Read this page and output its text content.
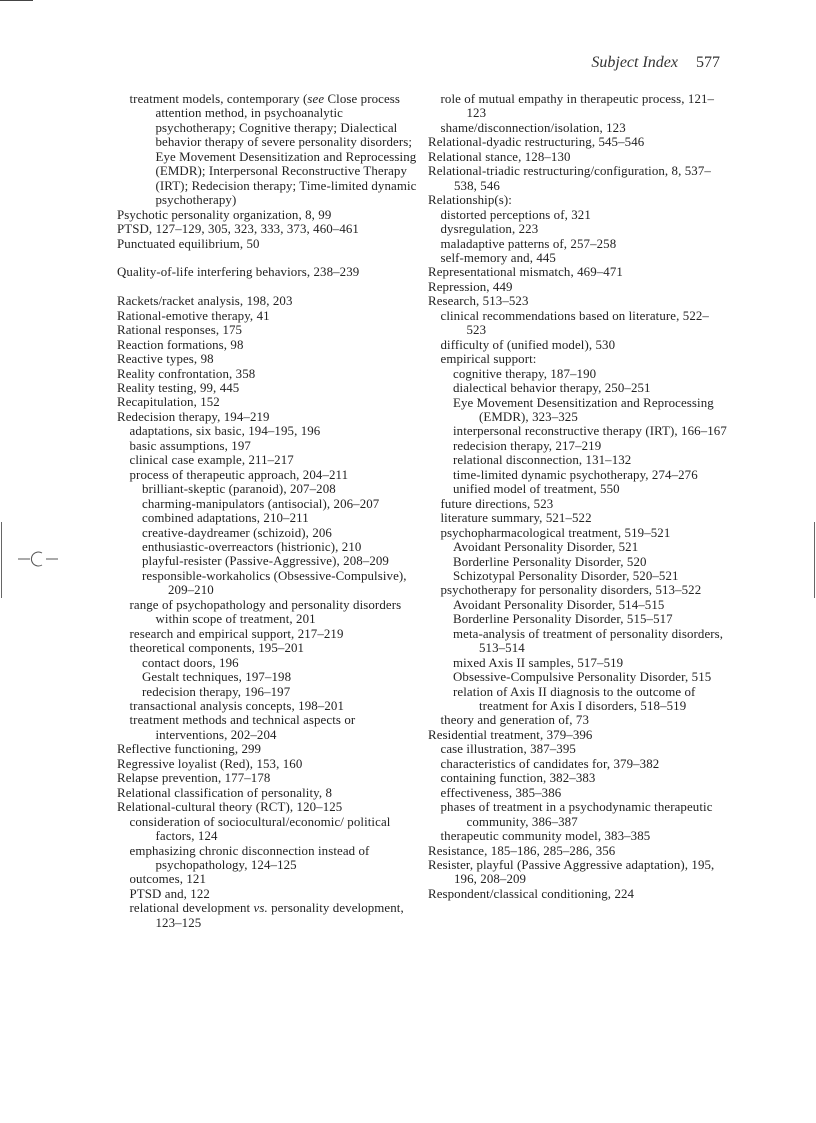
Subject Index 577

treatment models, contemporary (see Close process attention method, in psychoanalytic psychotherapy; Cognitive therapy; Dialectical behavior therapy of severe personality disorders; Eye Movement Desensitization and Reprocessing (EMDR); Interpersonal Reconstructive Therapy (IRT); Redecision therapy; Time-limited dynamic psychotherapy)

Psychotic personality organization, 8, 99

PTSD, 127–129, 305, 323, 333, 373, 460–461

Punctuated equilibrium, 50

Quality-of-life interfering behaviors, 238–239

Rackets/racket analysis, 198, 203

Rational-emotive therapy, 41

Rational responses, 175

Reaction formations, 98

Reactive types, 98

Reality confrontation, 358

Reality testing, 99, 445

Recapitulation, 152

Redecision therapy, 194–219

adaptations, six basic, 194–195, 196

basic assumptions, 197

clinical case example, 211–217

process of therapeutic approach, 204–211

brilliant-skeptic (paranoid), 207–208

charming-manipulators (antisocial), 206–207

combined adaptations, 210–211

creative-daydreamer (schizoid), 206

enthusiastic-overreactors (histrionic), 210

playful-resister (Passive-Aggressive), 208–209

responsible-workaholics (Obsessive-Compulsive), 209–210

range of psychopathology and personality disorders within scope of treatment, 201

research and empirical support, 217–219

theoretical components, 195–201

contact doors, 196

Gestalt techniques, 197–198

redecision therapy, 196–197

transactional analysis concepts, 198–201

treatment methods and technical aspects or interventions, 202–204

Reflective functioning, 299

Regressive loyalist (Red), 153, 160

Relapse prevention, 177–178

Relational classification of personality, 8

Relational-cultural theory (RCT), 120–125

consideration of sociocultural/economic/ political factors, 124

emphasizing chronic disconnection instead of psychopathology, 124–125

outcomes, 121

PTSD and, 122

relational development vs. personality development, 123–125

role of mutual empathy in therapeutic process, 121–123

shame/disconnection/isolation, 123

Relational-dyadic restructuring, 545–546

Relational stance, 128–130

Relational-triadic restructuring/configuration, 8, 537–538, 546

Relationship(s):

distorted perceptions of, 321

dysregulation, 223

maladaptive patterns of, 257–258

self-memory and, 445

Representational mismatch, 469–471

Repression, 449

Research, 513–523

clinical recommendations based on literature, 522–523

difficulty of (unified model), 530

empirical support:

cognitive therapy, 187–190

dialectical behavior therapy, 250–251

Eye Movement Desensitization and Reprocessing (EMDR), 323–325

interpersonal reconstructive therapy (IRT), 166–167

redecision therapy, 217–219

relational disconnection, 131–132

time-limited dynamic psychotherapy, 274–276

unified model of treatment, 550

future directions, 523

literature summary, 521–522

psychopharmacological treatment, 519–521

Avoidant Personality Disorder, 521

Borderline Personality Disorder, 520

Schizotypal Personality Disorder, 520–521

psychotherapy for personality disorders, 513–522

Avoidant Personality Disorder, 514–515

Borderline Personality Disorder, 515–517

meta-analysis of treatment of personality disorders, 513–514

mixed Axis II samples, 517–519

Obsessive-Compulsive Personality Disorder, 515

relation of Axis II diagnosis to the outcome of treatment for Axis I disorders, 518–519

theory and generation of, 73

Residential treatment, 379–396

case illustration, 387–395

characteristics of candidates for, 379–382

containing function, 382–383

effectiveness, 385–386

phases of treatment in a psychodynamic therapeutic community, 386–387

therapeutic community model, 383–385

Resistance, 185–186, 285–286, 356

Resister, playful (Passive Aggressive adaptation), 195, 196, 208–209

Respondent/classical conditioning, 224
